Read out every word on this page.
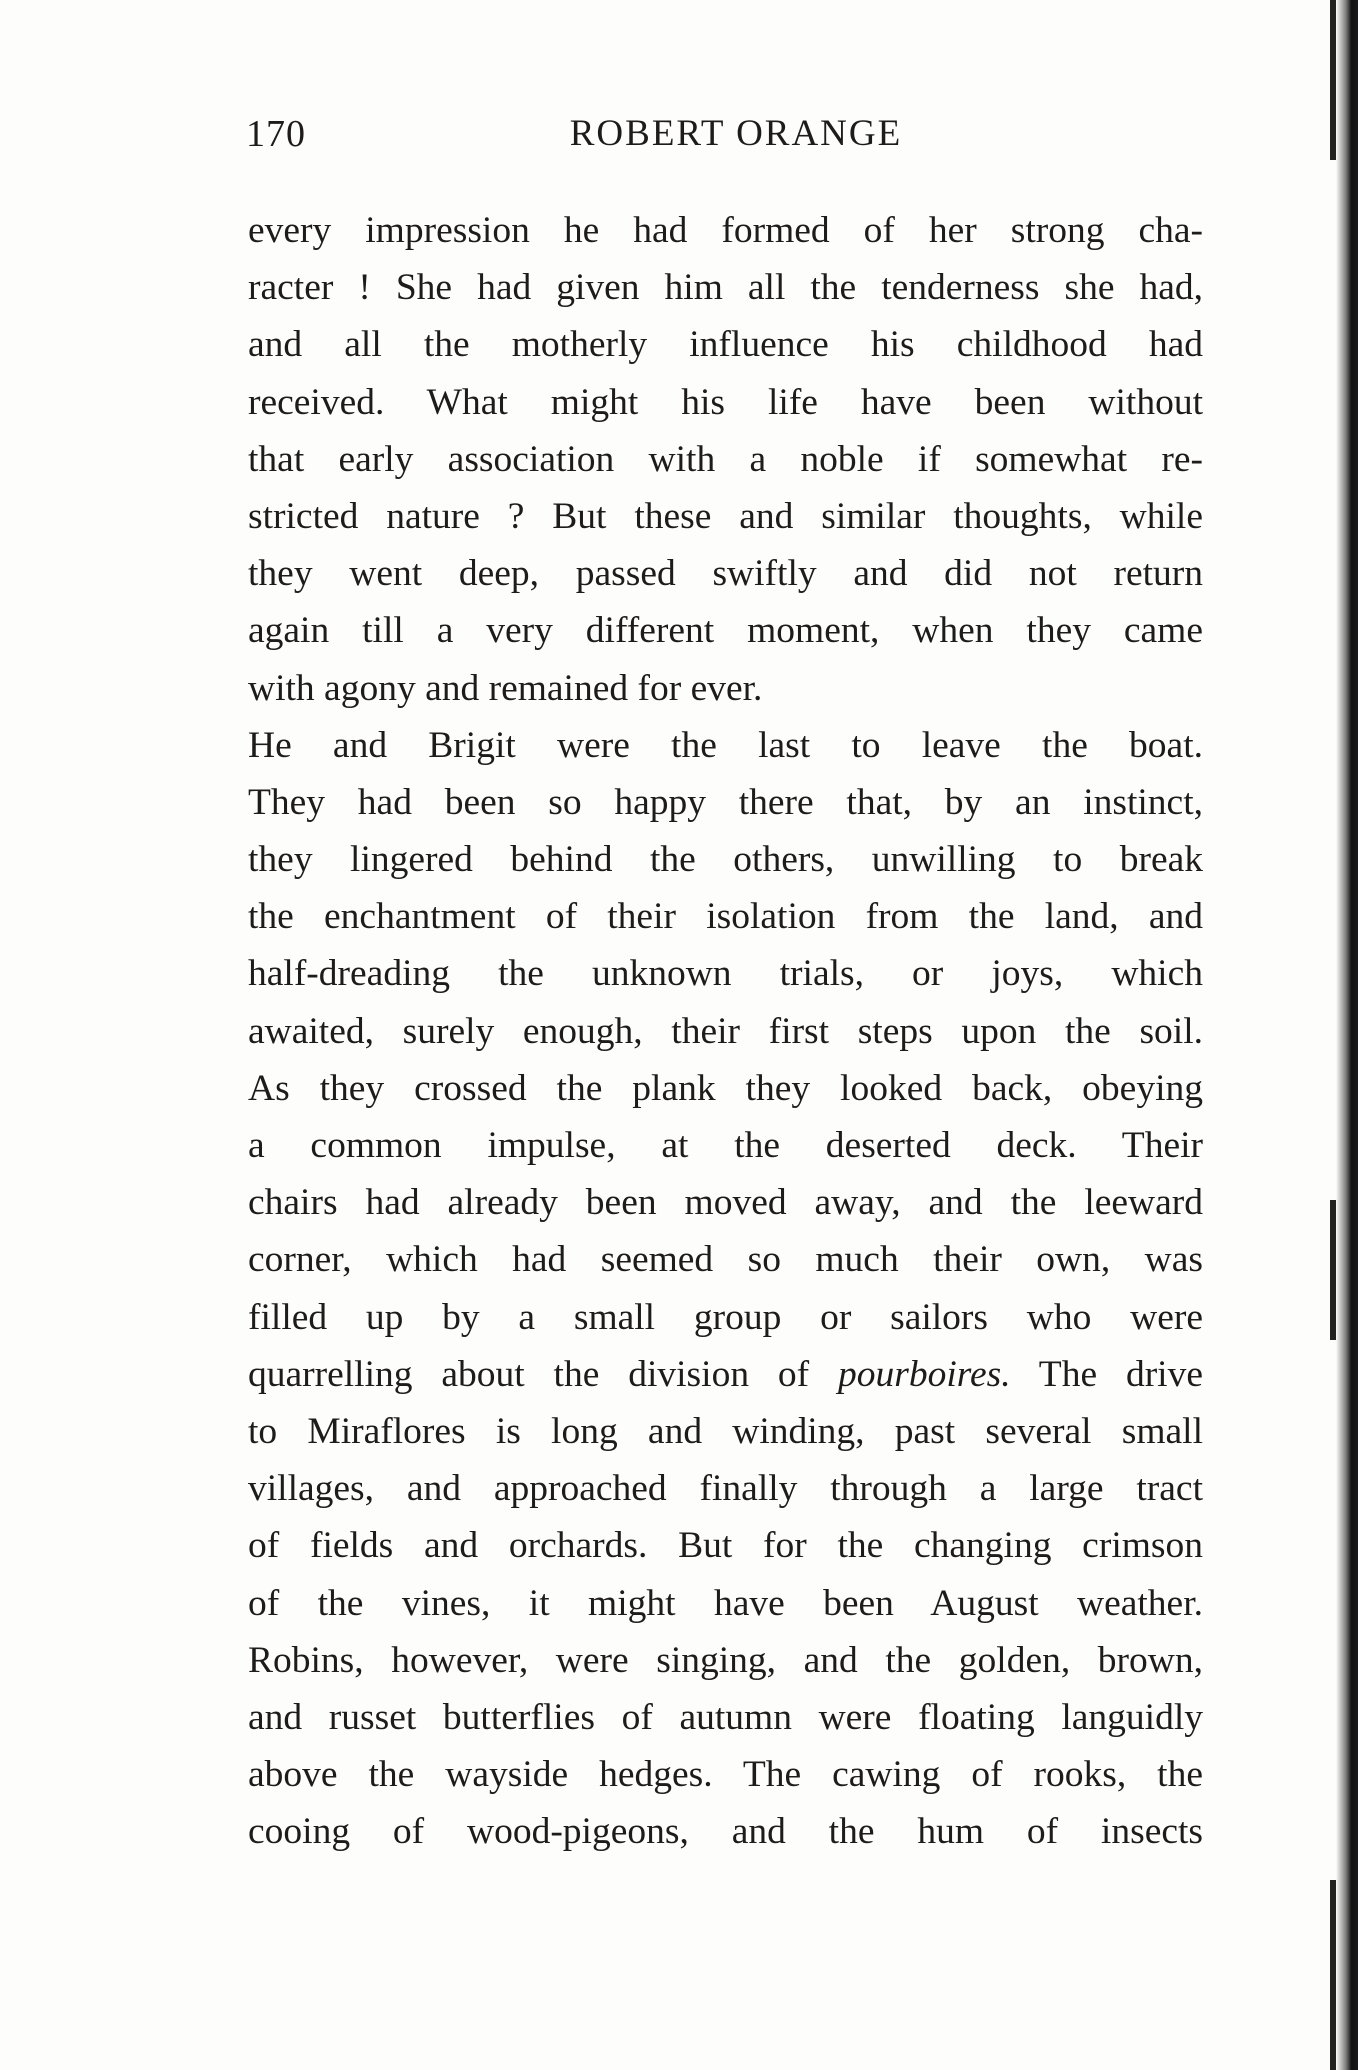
170	ROBERT ORANGE
every impression he had formed of her strong cha-
racter ! She had given him all the tenderness she had,
and all the motherly influence his childhood had
received. What might his life have been without
that early association with a noble if somewhat re-
stricted nature ? But these and similar thoughts, while
they went deep, passed swiftly and did not return
again till a very different moment, when they came
with agony and remained for ever.
He and Brigit were the last to leave the boat.
They had been so happy there that, by an instinct,
they lingered behind the others, unwilling to break
the enchantment of their isolation from the land, and
half-dreading the unknown trials, or joys, which
awaited, surely enough, their first steps upon the soil.
As they crossed the plank they looked back, obeying
a common impulse, at the deserted deck. Their
chairs had already been moved away, and the leeward
corner, which had seemed so much their own, was
filled up by a small group or sailors who were
quarrelling about the division of pourboires. The drive
to Miraflores is long and winding, past several small
villages, and approached finally through a large tract
of fields and orchards. But for the changing crimson
of the vines, it might have been August weather.
Robins, however, were singing, and the golden, brown,
and russet butterflies of autumn were floating languidly
above the wayside hedges. The cawing of rooks, the
cooing of wood-pigeons, and the hum of insects
